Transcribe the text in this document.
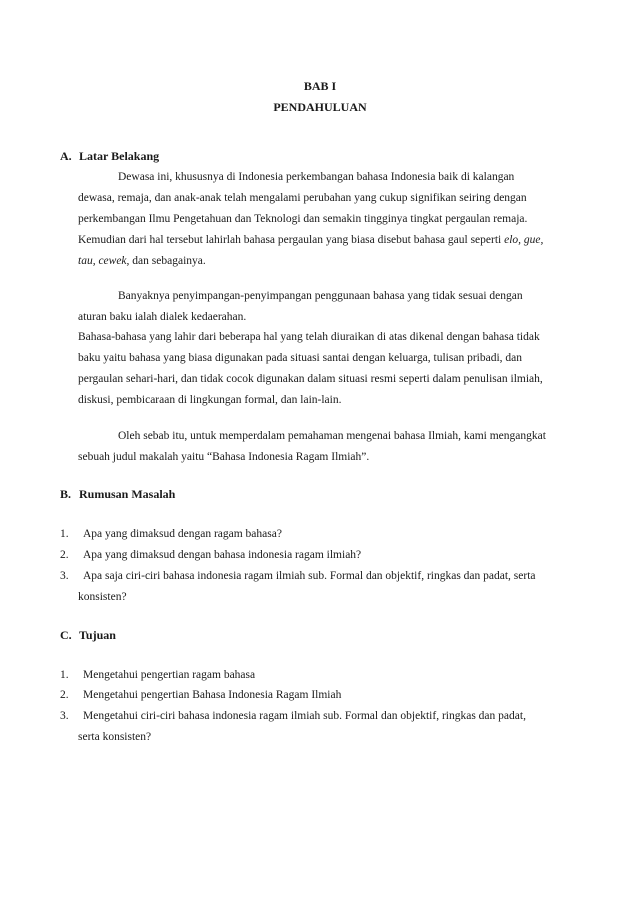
BAB I
PENDAHULUAN
A. Latar Belakang
Dewasa ini, khususnya di Indonesia perkembangan bahasa Indonesia baik di kalangan
dewasa, remaja, dan anak-anak telah mengalami perubahan yang cukup signifikan seiring dengan
perkembangan Ilmu Pengetahuan dan Teknologi dan semakin tingginya tingkat pergaulan remaja.
Kemudian dari hal tersebut lahirlah bahasa pergaulan yang biasa disebut bahasa gaul seperti elo, gue,
tau, cewek, dan sebagainya.
Banyaknya penyimpangan-penyimpangan penggunaan bahasa yang tidak sesuai dengan
aturan baku ialah dialek kedaerahan.
Bahasa-bahasa yang lahir dari beberapa hal yang telah diuraikan di atas dikenal dengan bahasa tidak
baku yaitu bahasa yang biasa digunakan pada situasi santai dengan keluarga, tulisan pribadi, dan
pergaulan sehari-hari, dan tidak cocok digunakan dalam situasi resmi seperti dalam penulisan ilmiah,
diskusi, pembicaraan di lingkungan formal, dan lain-lain.
Oleh sebab itu, untuk memperdalam pemahaman mengenai bahasa Ilmiah, kami mengangkat
sebuah judul makalah yaitu “Bahasa Indonesia Ragam Ilmiah”.
B. Rumusan Masalah
1. Apa yang dimaksud dengan ragam bahasa?
2. Apa yang dimaksud dengan bahasa indonesia ragam ilmiah?
3. Apa saja ciri-ciri bahasa indonesia ragam ilmiah sub. Formal dan objektif, ringkas dan padat, serta
konsisten?
C. Tujuan
1. Mengetahui pengertian ragam bahasa
2. Mengetahui pengertian Bahasa Indonesia Ragam Ilmiah
3. Mengetahui ciri-ciri bahasa indonesia ragam ilmiah sub. Formal dan objektif, ringkas dan padat,
serta konsisten?
